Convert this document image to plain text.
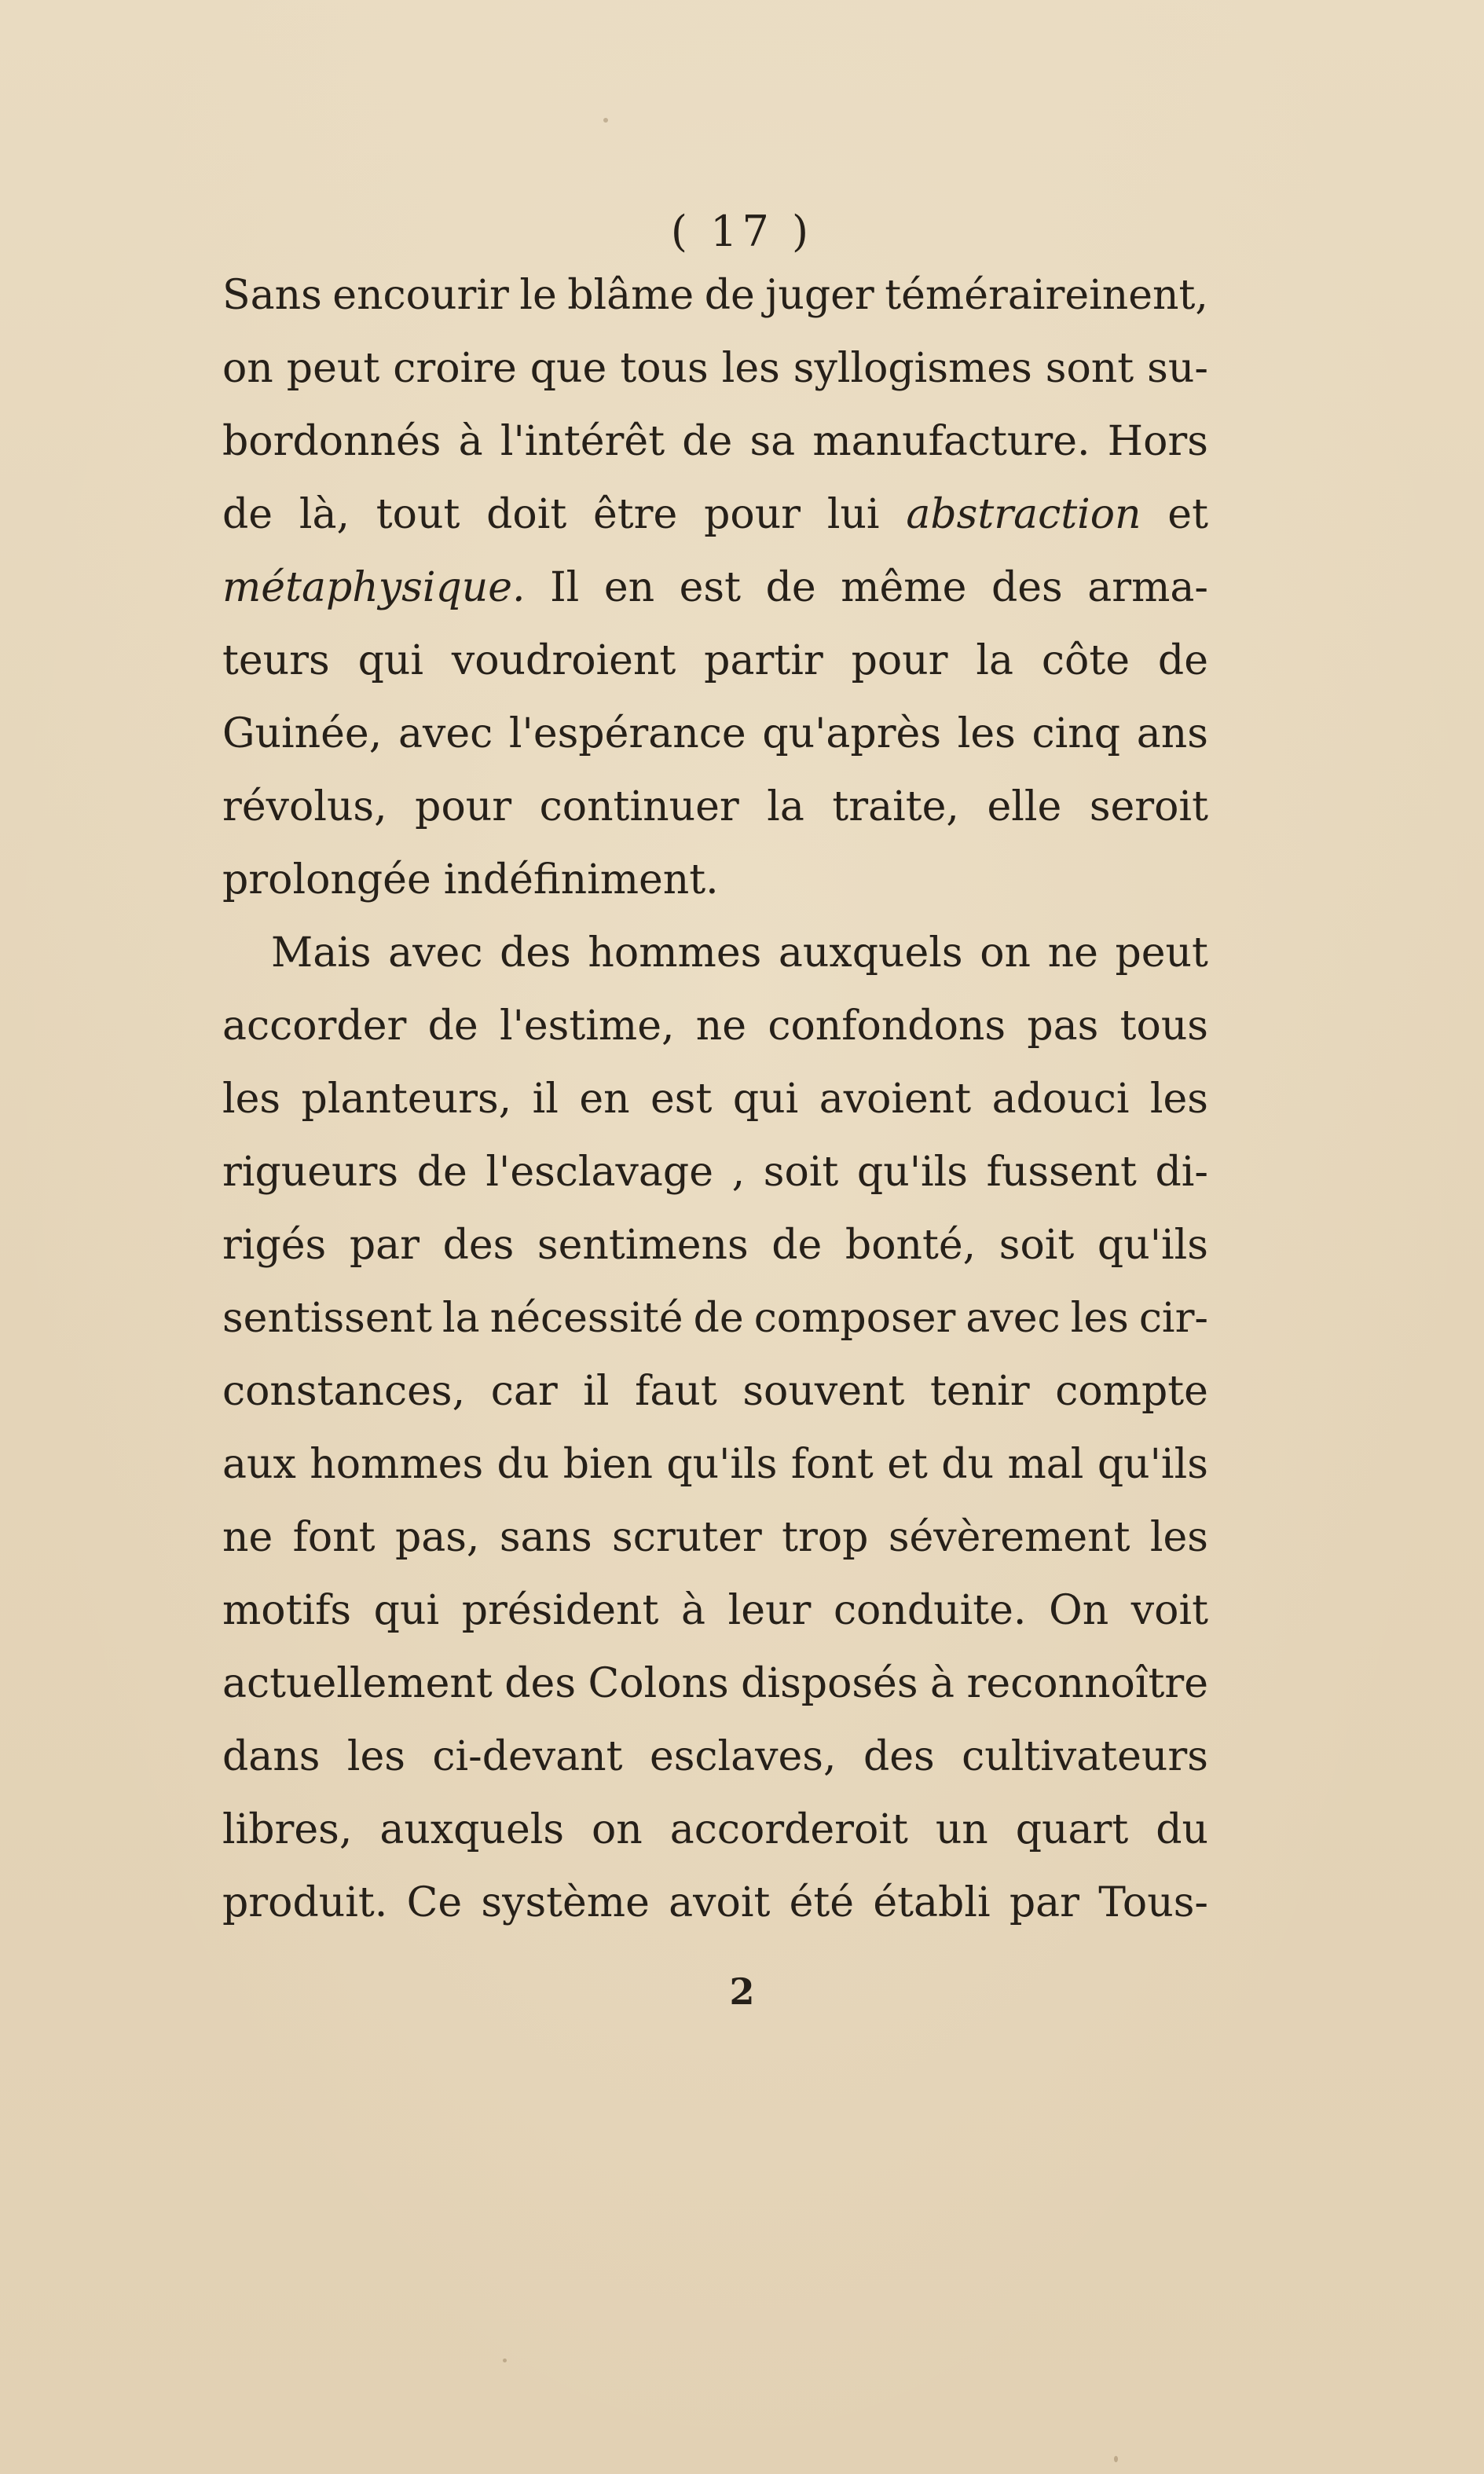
( 17 )
Sans encourir le blâme de juger téméraireinent,
on peut croire que tous les syllogismes sont su-
bordonnés à l'intérêt de sa manufacture. Hors
de là, tout doit être pour lui abstraction et
métaphysique. Il en est de même des arma-
teurs qui voudroient partir pour la côte de
Guinée, avec l'espérance qu'après les cinq ans
révolus, pour continuer la traite, elle seroit
prolongée indéfiniment.
Mais avec des hommes auxquels on ne peut
accorder de l'estime, ne confondons pas tous
les planteurs, il en est qui avoient adouci les
rigueurs de l'esclavage , soit qu'ils fussent di-
rigés par des sentimens de bonté, soit qu'ils
sentissent la nécessité de composer avec les cir-
constances, car il faut souvent tenir compte
aux hommes du bien qu'ils font et du mal qu'ils
ne font pas, sans scruter trop sévèrement les
motifs qui président à leur conduite. On voit
actuellement des Colons disposés à reconnoître
dans les ci-devant esclaves, des cultivateurs
libres, auxquels on accorderoit un quart du
produit. Ce système avoit été établi par Tous-
2
